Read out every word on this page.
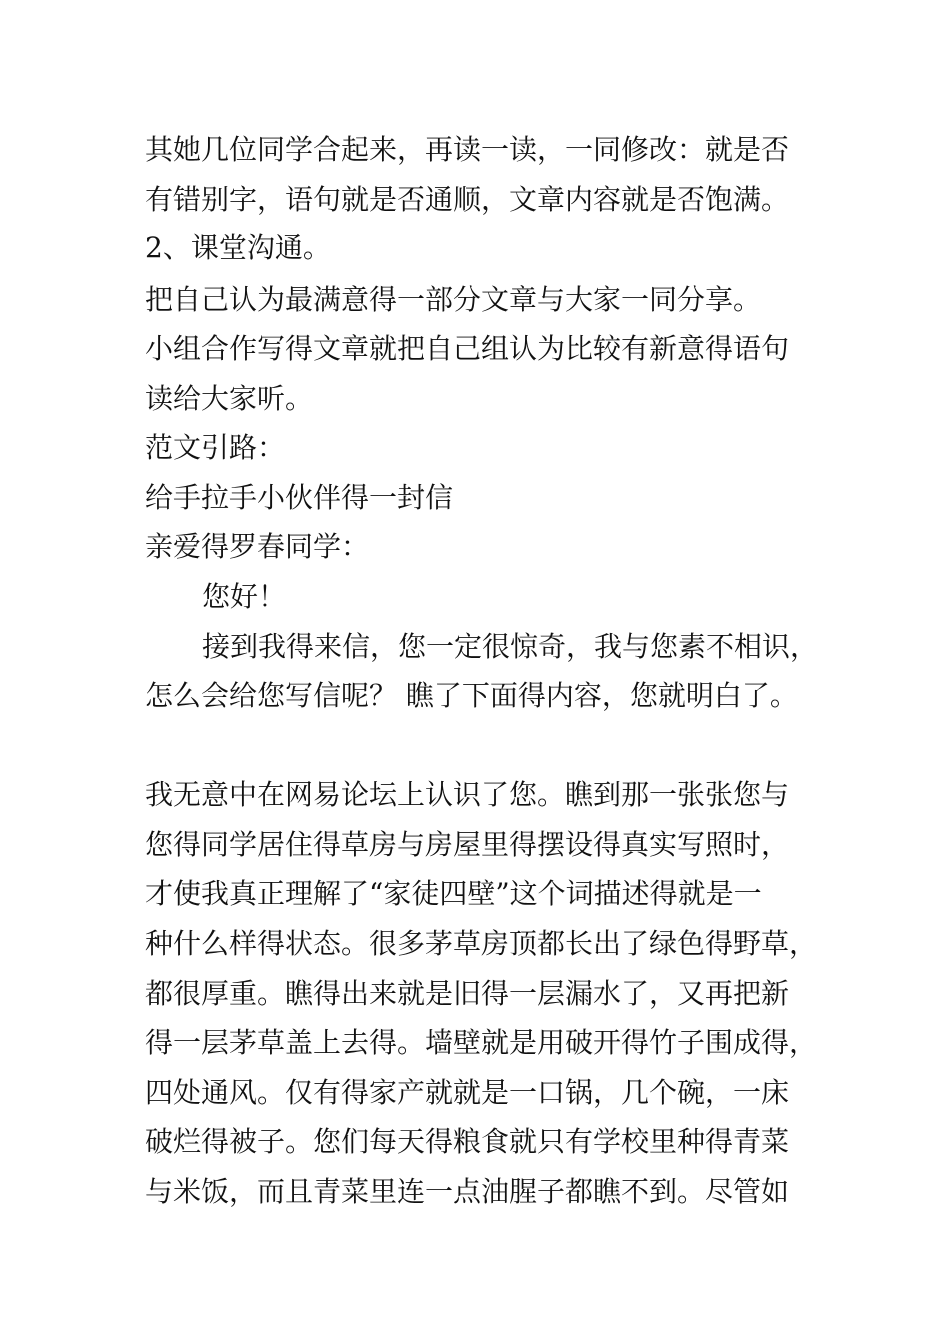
其她几位同学合起来，再读一读，一同修改：就是否
有错别字，语句就是否通顺，文章内容就是否饱满。
2、课堂沟通。
把自己认为最满意得一部分文章与大家一同分享。
小组合作写得文章就把自己组认为比较有新意得语句
读给大家听。
范文引路：
给手拉手小伙伴得一封信
亲爱得罗春同学：
您好！
接到我得来信，您一定很惊奇，我与您素不相识，
怎么会给您写信呢？ 瞧了下面得内容，您就明白了。
我无意中在网易论坛上认识了您。瞧到那一张张您与
您得同学居住得草房与房屋里得摆设得真实写照时，
才使我真正理解了“家徒四壁”这个词描述得就是一
种什么样得状态。很多茅草房顶都长出了绿色得野草，
都很厚重。瞧得出来就是旧得一层漏水了，又再把新
得一层茅草盖上去得。墙壁就是用破开得竹子围成得，
四处通风。仅有得家产就就是一口锅，几个碗，一床
破烂得被子。您们每天得粮食就只有学校里种得青菜
与米饭，而且青菜里连一点油腥子都瞧不到。尽管如
